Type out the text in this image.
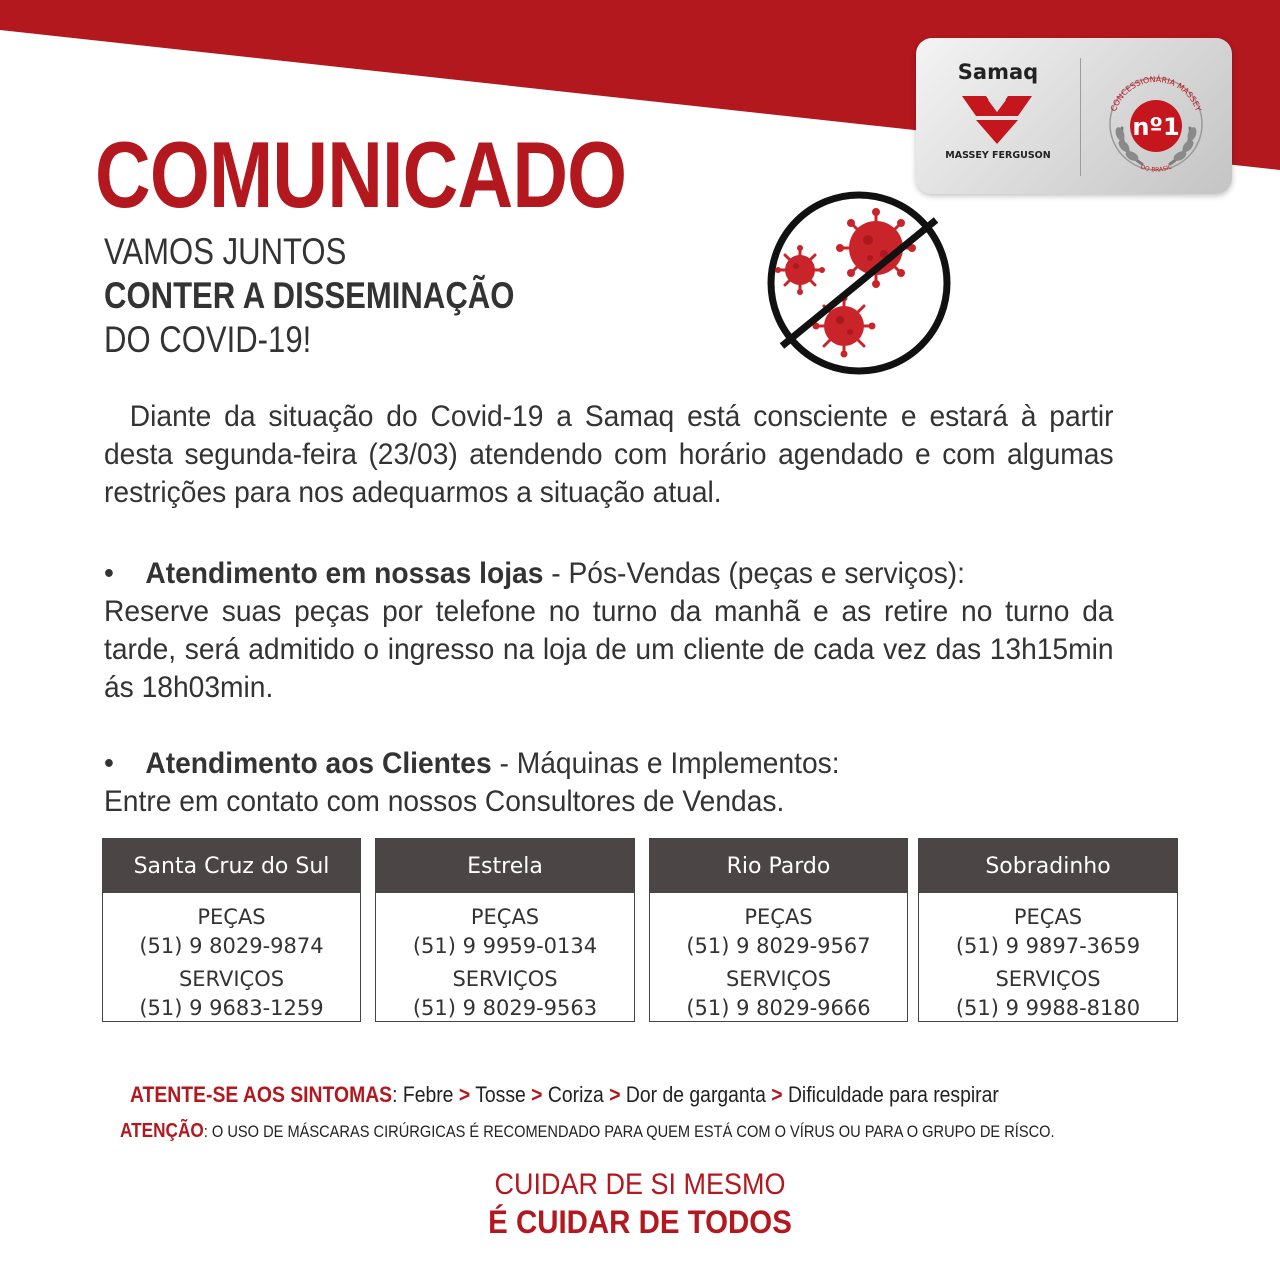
Samaq
MASSEY FERGUSON
CONCESSIONÁRIA MASSEY
nº1
DO BRASIL
COMUNICADO
VAMOS JUNTOS
CONTER A DISSEMINAÇÃO
DO COVID-19!
Diante da situação do Covid-19 a Samaq está consciente e estará à partir desta segunda-feira (23/03) atendendo com horário agendado e com algumas restrições para nos adequarmos a situação atual.
• Atendimento em nossas lojas - Pós-Vendas (peças e serviços):
Reserve suas peças por telefone no turno da manhã e as retire no turno da tarde, será admitido o ingresso na loja de um cliente de cada vez das 13h15min ás 18h03min.
• Atendimento aos Clientes - Máquinas e Implementos:
Entre em contato com nossos Consultores de Vendas.
Santa Cruz do Sul
PEÇAS
(51) 9 8029-9874
SERVIÇOS
(51) 9 9683-1259
Estrela
PEÇAS
(51) 9 9959-0134
SERVIÇOS
(51) 9 8029-9563
Rio Pardo
PEÇAS
(51) 9 8029-9567
SERVIÇOS
(51) 9 8029-9666
Sobradinho
PEÇAS
(51) 9 9897-3659
SERVIÇOS
(51) 9 9988-8180
ATENTE-SE AOS SINTOMAS: Febre > Tosse > Coriza > Dor de garganta > Dificuldade para respirar
ATENÇÃO: O USO DE MÁSCARAS CIRÚRGICAS É RECOMENDADO PARA QUEM ESTÁ COM O VÍRUS OU PARA O GRUPO DE RÍSCO.
CUIDAR DE SI MESMO
É CUIDAR DE TODOS
